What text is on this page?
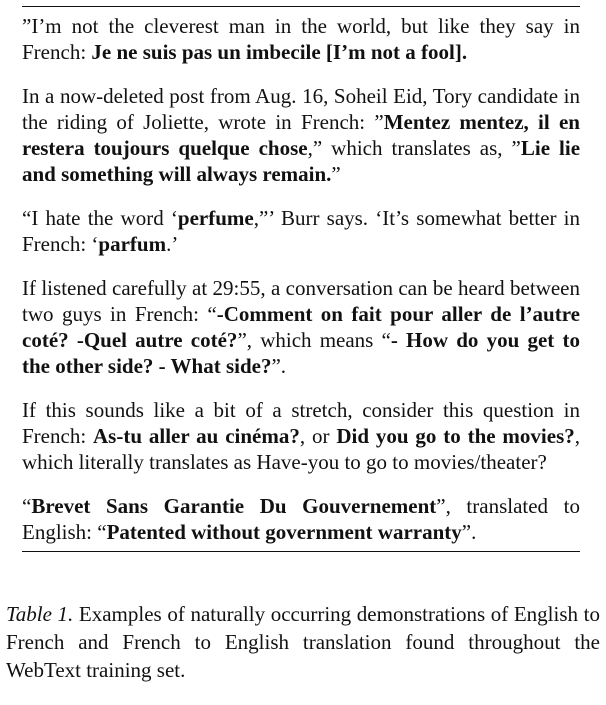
”I’m not the cleverest man in the world, but like they say in French: Je ne suis pas un imbecile [I’m not a fool].

In a now-deleted post from Aug. 16, Soheil Eid, Tory candidate in the riding of Joliette, wrote in French: ”Mentez mentez, il en restera toujours quelque chose,” which translates as, ”Lie lie and something will always remain.”

“I hate the word ‘perfume,”’ Burr says. ‘It’s somewhat better in French: ‘parfum.’

If listened carefully at 29:55, a conversation can be heard between two guys in French: “-Comment on fait pour aller de l’autre coté? -Quel autre coté?”, which means “- How do you get to the other side? - What side?”.

If this sounds like a bit of a stretch, consider this question in French: As-tu aller au cinéma?, or Did you go to the movies?, which literally translates as Have-you to go to movies/theater?

“Brevet Sans Garantie Du Gouvernement”, translated to English: “Patented without government warranty”.

Table 1. Examples of naturally occurring demonstrations of English to French and French to English translation found throughout the WebText training set.
